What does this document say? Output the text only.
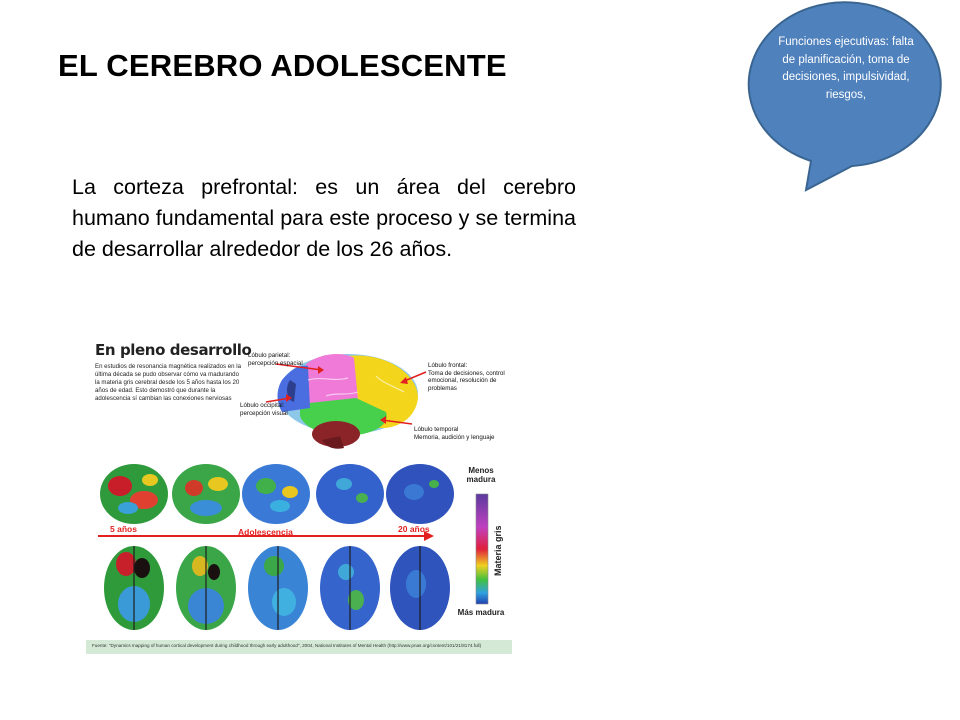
EL CEREBRO ADOLESCENTE
La corteza prefrontal: es un área del cerebro humano fundamental para este proceso y se termina de desarrollar alrededor de los 26 años.
Funciones ejecutivas: falta de planificación, toma de decisiones, impulsividad, riesgos,
En pleno desarrollo
En estudios de resonancia magnética realizados en la última década se pudo observar cómo va madurando la materia gris cerebral desde los 5 años hasta los 20 años de edad. Esto demostró que durante la adolescencia sí cambian las conexiones nerviosas
Lóbulo parietal:
percepción espacial
Lóbulo occipital:
percepción visual
Lóbulo frontal:
Toma de decisiones, control emocional, resolución de problemas
Lóbulo temporal
Memoria, audición y lenguaje
5 años	Adolescencia	20 años
Menos madura
Más madura
Materia gris
Fuente: "Dynamics mapping of human cortical development during childhood through early adulthood", 2004, National Institutes of Mental Health (http://www.pnas.org/content/101/21/8174.full)
